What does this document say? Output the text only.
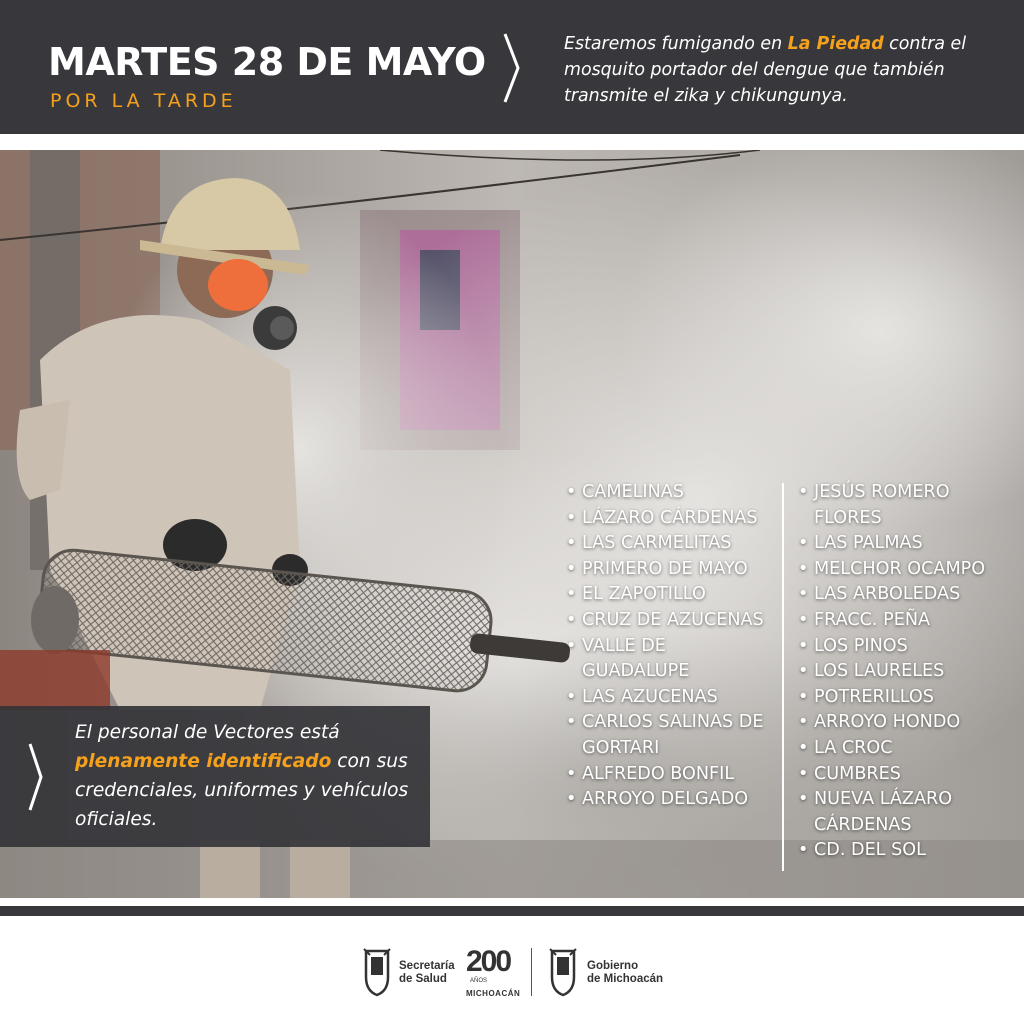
MARTES 28 DE MAYO
POR LA TARDE
Estaremos fumigando en La Piedad contra el mosquito portador del dengue que también transmite el zika y chikungunya.
El personal de Vectores está plenamente identificado con sus credenciales, uniformes y vehículos oficiales.
• CAMELINAS
• LÁZARO CÁRDENAS
• LAS CARMELITAS
• PRIMERO DE MAYO
• EL ZAPOTILLO
• CRUZ DE AZUCENAS
• VALLE DE GUADALUPE
• LAS AZUCENAS
• CARLOS SALINAS DE GORTARI
• ALFREDO BONFIL
• ARROYO DELGADO
• JESÚS ROMERO FLORES
• LAS PALMAS
• MELCHOR OCAMPO
• LAS ARBOLEDAS
• FRACC. PEÑA
• LOS PINOS
• LOS LAURELES
• POTRERILLOS
• ARROYO HONDO
• LA CROC
• CUMBRES
• NUEVA LÁZARO CÁRDENAS
• CD. DEL SOL
Secretaría
de Salud
200
AÑOS
MICHOACÁN
Gobierno
de Michoacán
